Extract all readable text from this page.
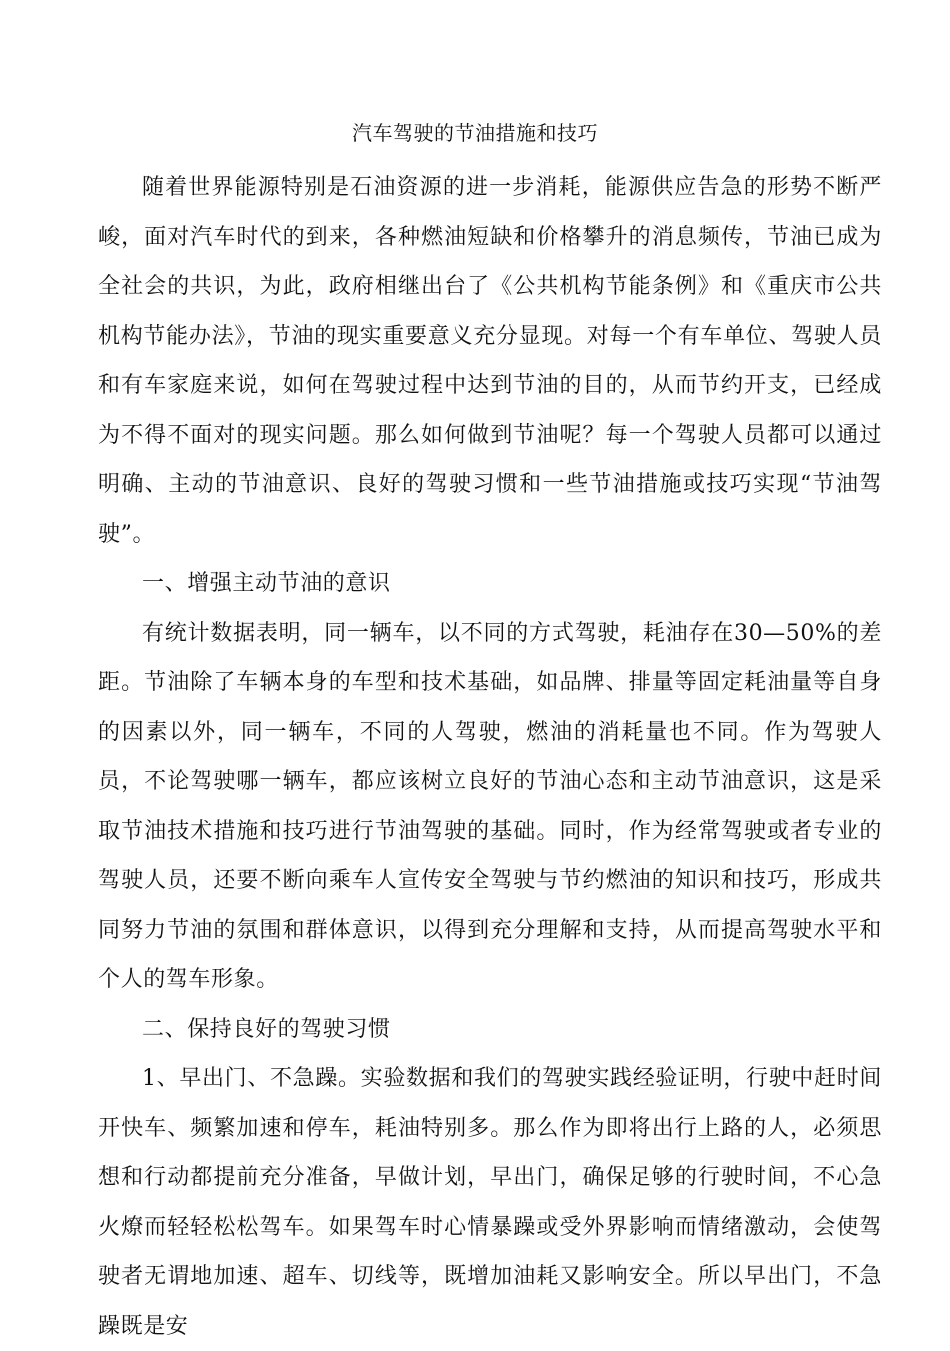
汽车驾驶的节油措施和技巧

随着世界能源特别是石油资源的进一步消耗，能源供应告急的形势不断严峻，面对汽车时代的到来，各种燃油短缺和价格攀升的消息频传，节油已成为全社会的共识，为此，政府相继出台了《公共机构节能条例》和《重庆市公共机构节能办法》，节油的现实重要意义充分显现。对每一个有车单位、驾驶人员和有车家庭来说，如何在驾驶过程中达到节油的目的，从而节约开支，已经成为不得不面对的现实问题。那么如何做到节油呢？每一个驾驶人员都可以通过明确、主动的节油意识、良好的驾驶习惯和一些节油措施或技巧实现“节油驾驶”。

一、增强主动节油的意识

有统计数据表明，同一辆车，以不同的方式驾驶，耗油存在30—50%的差距。节油除了车辆本身的车型和技术基础，如品牌、排量等固定耗油量等自身的因素以外，同一辆车，不同的人驾驶，燃油的消耗量也不同。作为驾驶人员，不论驾驶哪一辆车，都应该树立良好的节油心态和主动节油意识，这是采取节油技术措施和技巧进行节油驾驶的基础。同时，作为经常驾驶或者专业的驾驶人员，还要不断向乘车人宣传安全驾驶与节约燃油的知识和技巧，形成共同努力节油的氛围和群体意识，以得到充分理解和支持，从而提高驾驶水平和个人的驾车形象。

二、保持良好的驾驶习惯

1、早出门、不急躁。实验数据和我们的驾驶实践经验证明，行驶中赶时间开快车、频繁加速和停车，耗油特别多。那么作为即将出行上路的人，必须思想和行动都提前充分准备，早做计划，早出门，确保足够的行驶时间，不心急火燎而轻轻松松驾车。如果驾车时心情暴躁或受外界影响而情绪激动，会使驾驶者无谓地加速、超车、切线等，既增加油耗又影响安全。所以早出门，不急躁既是安
